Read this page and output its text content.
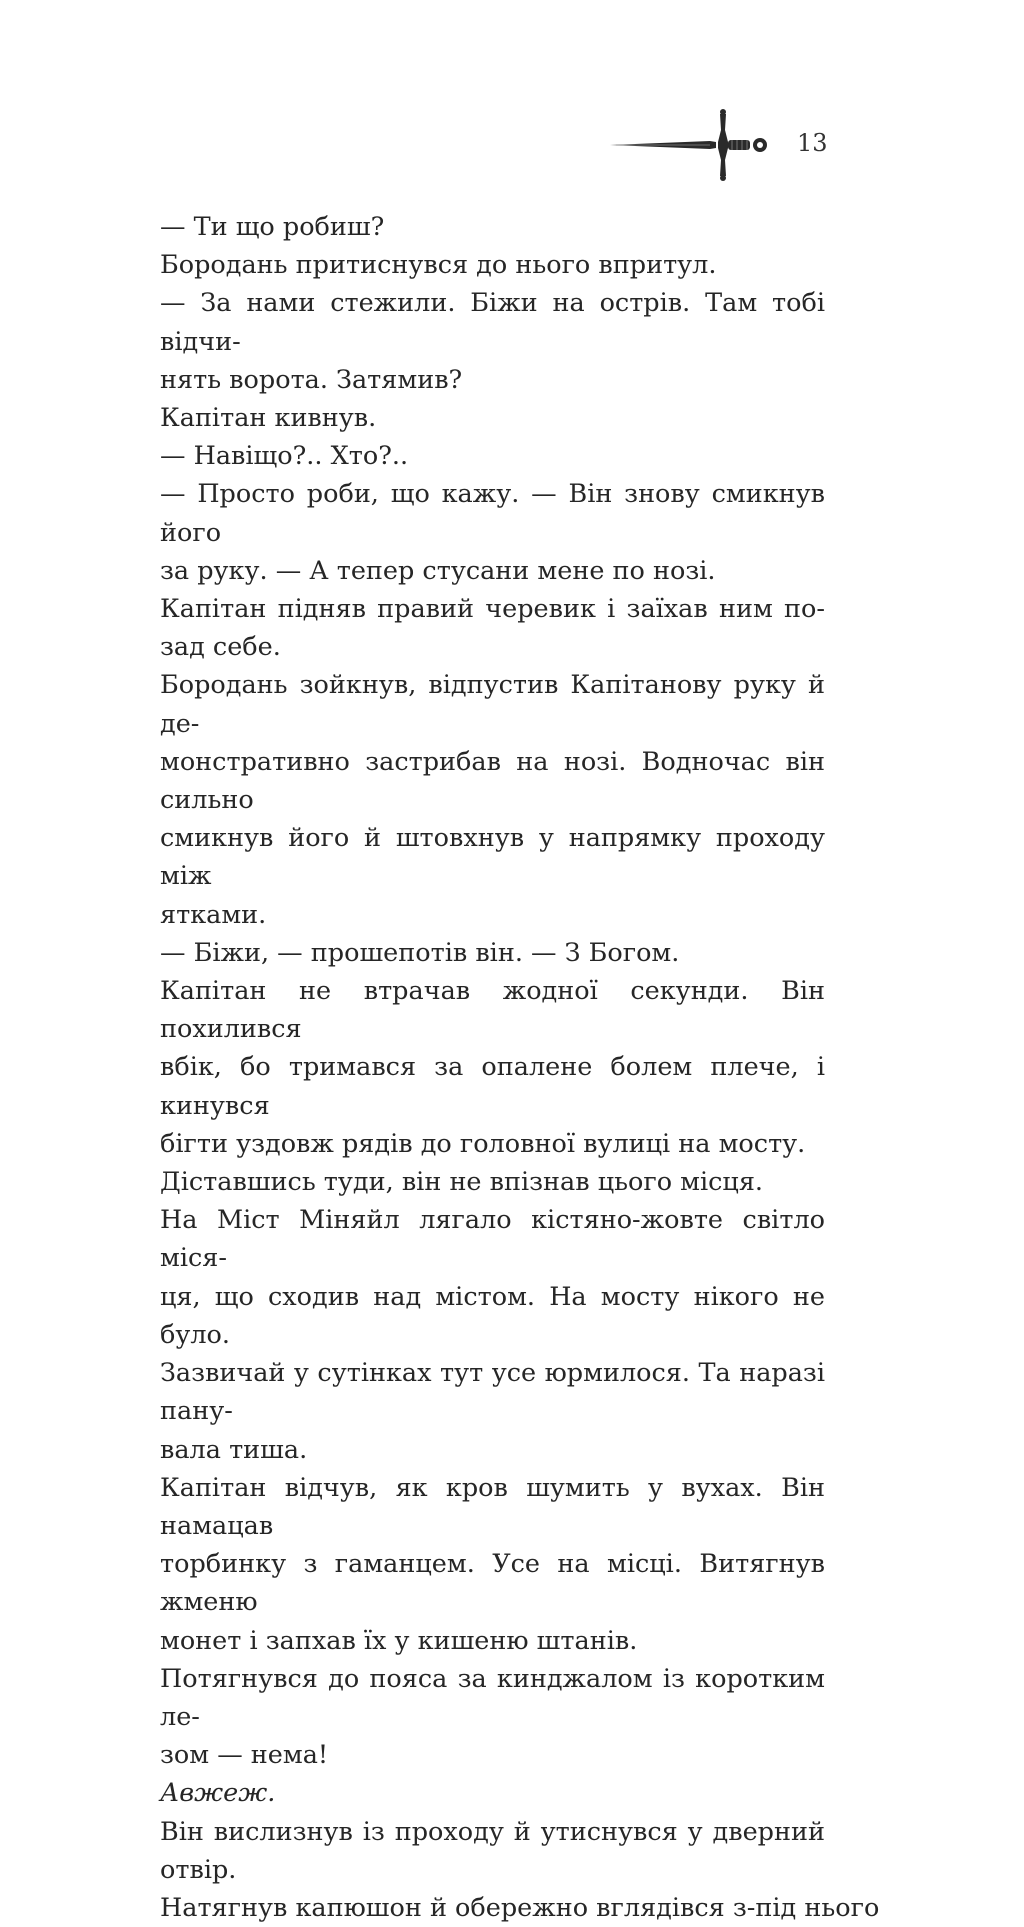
13

— Ти що робиш?

Бородань притиснувся до нього впритул.

— За нами стежили. Біжи на острів. Там тобі відчи-
нять ворота. Затямив?

Капітан кивнув.

— Навіщо?.. Хто?..

— Просто роби, що кажу. — Він знову смикнув його
за руку. — А тепер стусани мене по нозі.

Капітан підняв правий черевик і заїхав ним по-
зад себе.

Бородань зойкнув, відпустив Капітанову руку й де-
монстративно застрибав на нозі. Водночас він сильно
смикнув його й штовхнув у напрямку проходу між
ятками.

— Біжи, — прошепотів він. — З Богом.

Капітан не втрачав жодної секунди. Він похилився
вбік, бо тримався за опалене болем плече, і кинувся
бігти уздовж рядів до головної вулиці на мосту.

Діставшись туди, він не впізнав цього місця.

На Міст Міняйл лягало кістяно-жовте світло міся-
ця, що сходив над містом. На мосту нікого не було.
Зазвичай у сутінках тут усе юрмилося. Та наразі пану-
вала тиша.

Капітан відчув, як кров шумить у вухах. Він намацав
торбинку з гаманцем. Усе на місці. Витягнув жменю
монет і запхав їх у кишеню штанів.

Потягнувся до пояса за кинджалом із коротким ле-
зом — нема!

Авжеж.

Він вислизнув із проходу й утиснувся у дверний отвір.
Натягнув капюшон й обережно вглядівся з-під нього
